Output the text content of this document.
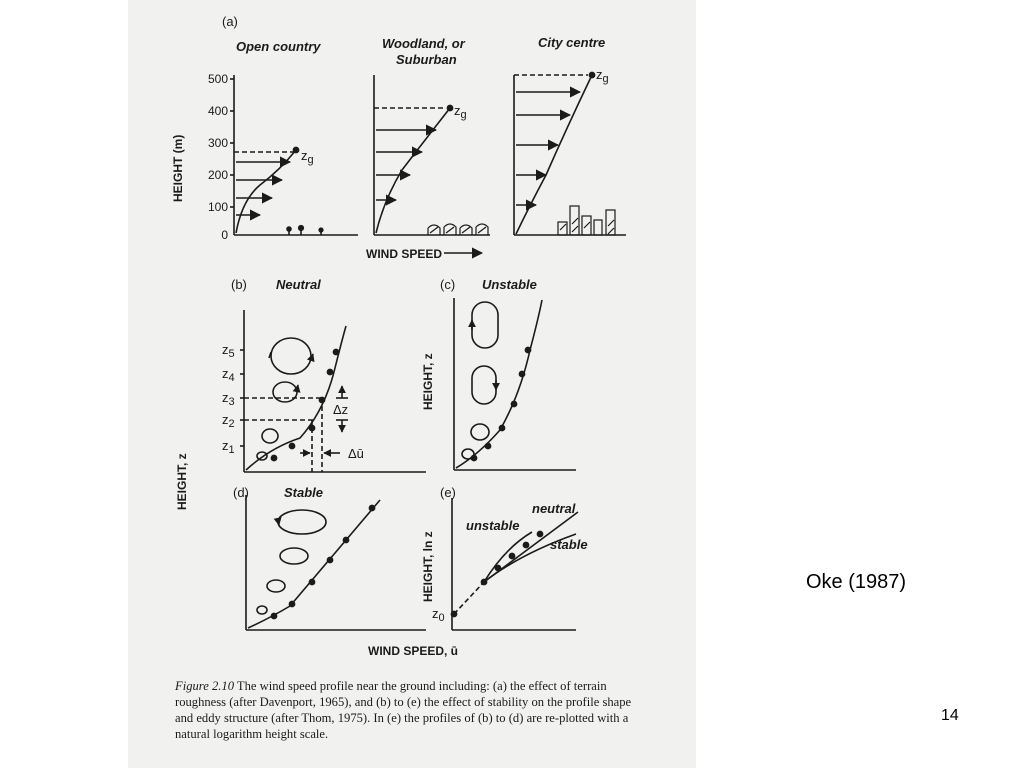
(a)
Open country	Woodland, or
Suburban
City centre
500
400
300
200
100
0
HEIGHT (m)	$z_g$
$z_g$
$z_g$
WIND SPEED
(b) Neutral	(c) Unstable
$z_5$
$z_4$
$z_3$
$z_2$
$z_1$
Δz
Δū
HEIGHT, z
HEIGHT, z
(d)	Stable	(e)
HEIGHT, ln z
neutral
unstable
stable
$z_0$
WIND SPEED, ū

Figure 2.10 The wind speed profile near the ground including: (a) the effect of terrain roughness (after Davenport, 1965), and (b) to (e) the effect of stability on the profile shape and eddy structure (after Thom, 1975). In (e) the profiles of (b) to (d) are re-plotted with a natural logarithm height scale.

Oke (1987)

14
